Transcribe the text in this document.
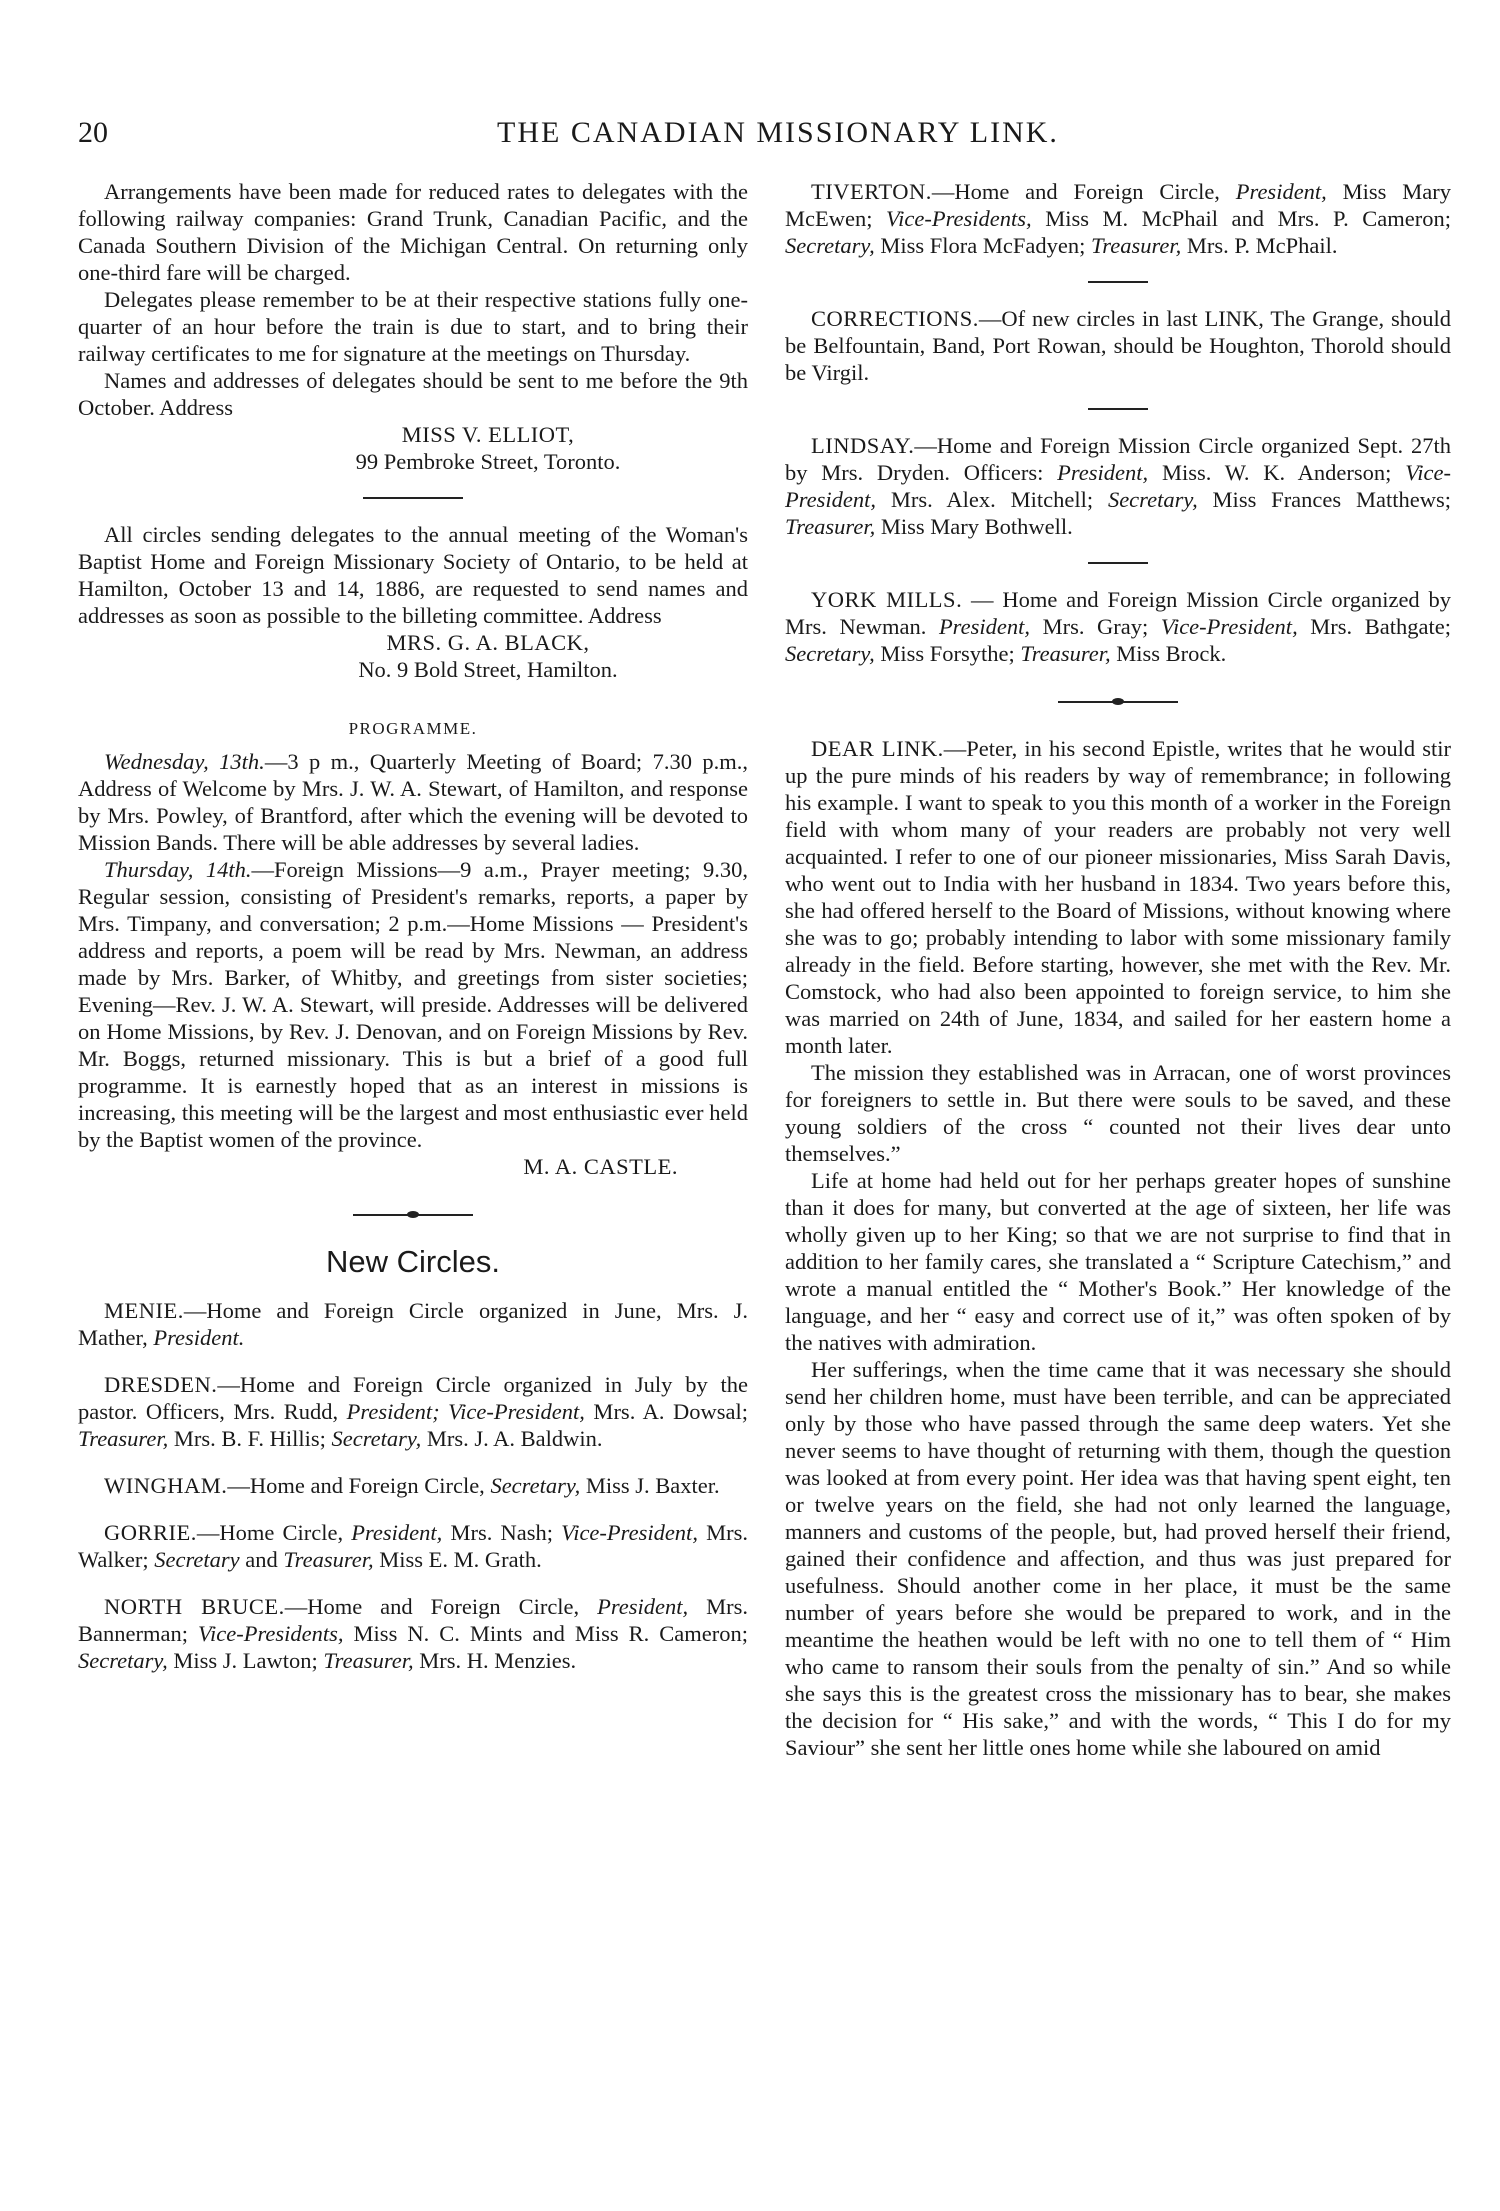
20	THE CANADIAN MISSIONARY LINK.

Arrangements have been made for reduced rates to delegates with the following railway companies: Grand Trunk, Canadian Pacific, and the Canada Southern Division of the Michigan Central. On returning only one-third fare will be charged.

Delegates please remember to be at their respective stations fully one-quarter of an hour before the train is due to start, and to bring their railway certificates to me for signature at the meetings on Thursday.

Names and addresses of delegates should be sent to me before the 9th October. Address

MISS V. ELLIOT,

99 Pembroke Street, Toronto.

All circles sending delegates to the annual meeting of the Woman's Baptist Home and Foreign Missionary Society of Ontario, to be held at Hamilton, October 13 and 14, 1886, are requested to send names and addresses as soon as possible to the billeting committee. Address

MRS. G. A. BLACK,

No. 9 Bold Street, Hamilton.

PROGRAMME.

Wednesday, 13th.—3 p m., Quarterly Meeting of Board; 7.30 p.m., Address of Welcome by Mrs. J. W. A. Stewart, of Hamilton, and response by Mrs. Powley, of Brantford, after which the evening will be devoted to Mission Bands. There will be able addresses by several ladies.

Thursday, 14th.—Foreign Missions—9 a.m., Prayer meeting; 9.30, Regular session, consisting of President's remarks, reports, a paper by Mrs. Timpany, and conversation; 2 p.m.—Home Missions — President's address and reports, a poem will be read by Mrs. Newman, an address made by Mrs. Barker, of Whitby, and greetings from sister societies; Evening—Rev. J. W. A. Stewart, will preside. Addresses will be delivered on Home Missions, by Rev. J. Denovan, and on Foreign Missions by Rev. Mr. Boggs, returned missionary. This is but a brief of a good full programme. It is earnestly hoped that as an interest in missions is increasing, this meeting will be the largest and most enthusiastic ever held by the Baptist women of the province.

M. A. CASTLE.

New Circles.

MENIE.—Home and Foreign Circle organized in June, Mrs. J. Mather, President.

DRESDEN.—Home and Foreign Circle organized in July by the pastor. Officers, Mrs. Rudd, President; Vice-President, Mrs. A. Dowsal; Treasurer, Mrs. B. F. Hillis; Secretary, Mrs. J. A. Baldwin.

WINGHAM.—Home and Foreign Circle, Secretary, Miss J. Baxter.

GORRIE.—Home Circle, President, Mrs. Nash; Vice-President, Mrs. Walker; Secretary and Treasurer, Miss E. M. Grath.

NORTH BRUCE.—Home and Foreign Circle, President, Mrs. Bannerman; Vice-Presidents, Miss N. C. Mints and Miss R. Cameron; Secretary, Miss J. Lawton; Treasurer, Mrs. H. Menzies.

TIVERTON.—Home and Foreign Circle, President, Miss Mary McEwen; Vice-Presidents, Miss M. McPhail and Mrs. P. Cameron; Secretary, Miss Flora McFadyen; Treasurer, Mrs. P. McPhail.

CORRECTIONS.—Of new circles in last LINK, The Grange, should be Belfountain, Band, Port Rowan, should be Houghton, Thorold should be Virgil.

LINDSAY.—Home and Foreign Mission Circle organized Sept. 27th by Mrs. Dryden. Officers: President, Miss. W. K. Anderson; Vice-President, Mrs. Alex. Mitchell; Secretary, Miss Frances Matthews; Treasurer, Miss Mary Bothwell.

YORK MILLS. — Home and Foreign Mission Circle organized by Mrs. Newman. President, Mrs. Gray; Vice-President, Mrs. Bathgate; Secretary, Miss Forsythe; Treasurer, Miss Brock.

DEAR LINK.—Peter, in his second Epistle, writes that he would stir up the pure minds of his readers by way of remembrance; in following his example. I want to speak to you this month of a worker in the Foreign field with whom many of your readers are probably not very well acquainted. I refer to one of our pioneer missionaries, Miss Sarah Davis, who went out to India with her husband in 1834. Two years before this, she had offered herself to the Board of Missions, without knowing where she was to go; probably intending to labor with some missionary family already in the field. Before starting, however, she met with the Rev. Mr. Comstock, who had also been appointed to foreign service, to him she was married on 24th of June, 1834, and sailed for her eastern home a month later.

The mission they established was in Arracan, one of worst provinces for foreigners to settle in. But there were souls to be saved, and these young soldiers of the cross “ counted not their lives dear unto themselves.”

Life at home had held out for her perhaps greater hopes of sunshine than it does for many, but converted at the age of sixteen, her life was wholly given up to her King; so that we are not surprise to find that in addition to her family cares, she translated a “ Scripture Catechism,” and wrote a manual entitled the “ Mother's Book.” Her knowledge of the language, and her “ easy and correct use of it,” was often spoken of by the natives with admiration.

Her sufferings, when the time came that it was necessary she should send her children home, must have been terrible, and can be appreciated only by those who have passed through the same deep waters. Yet she never seems to have thought of returning with them, though the question was looked at from every point. Her idea was that having spent eight, ten or twelve years on the field, she had not only learned the language, manners and customs of the people, but, had proved herself their friend, gained their confidence and affection, and thus was just prepared for usefulness. Should another come in her place, it must be the same number of years before she would be prepared to work, and in the meantime the heathen would be left with no one to tell them of “ Him who came to ransom their souls from the penalty of sin.” And so while she says this is the greatest cross the missionary has to bear, she makes the decision for “ His sake,” and with the words, “ This I do for my Saviour” she sent her little ones home while she laboured on amid
